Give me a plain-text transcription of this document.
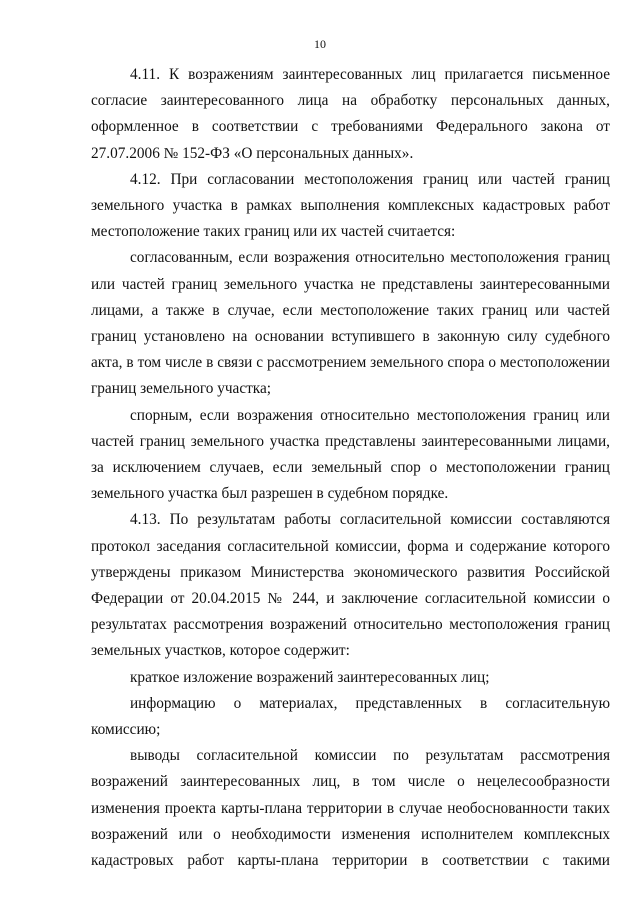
10

4.11. К возражениям заинтересованных лиц прилагается письменное согласие заинтересованного лица на обработку персональных данных, оформленное в соответствии с требованиями Федерального закона от 27.07.2006 № 152-ФЗ «О персональных данных».

4.12. При согласовании местоположения границ или частей границ земельного участка в рамках выполнения комплексных кадастровых работ местоположение таких границ или их частей считается:

согласованным, если возражения относительно местоположения границ или частей границ земельного участка не представлены заинтересованными лицами, а также в случае, если местоположение таких границ или частей границ установлено на основании вступившего в законную силу судебного акта, в том числе в связи с рассмотрением земельного спора о местоположении границ земельного участка;

спорным, если возражения относительно местоположения границ или частей границ земельного участка представлены заинтересованными лицами, за исключением случаев, если земельный спор о местоположении границ земельного участка был разрешен в судебном порядке.

4.13. По результатам работы согласительной комиссии составляются протокол заседания согласительной комиссии, форма и содержание которого утверждены приказом Министерства экономического развития Российской Федерации от 20.04.2015 № 244, и заключение согласительной комиссии о результатах рассмотрения возражений относительно местоположения границ земельных участков, которое содержит:

краткое изложение возражений заинтересованных лиц;

информацию о материалах, представленных в согласительную комиссию;

выводы согласительной комиссии по результатам рассмотрения возражений заинтересованных лиц, в том числе о нецелесообразности изменения проекта карты-плана территории в случае необоснованности таких возражений или о необходимости изменения исполнителем комплексных кадастровых работ карты-плана территории в соответствии с такими
